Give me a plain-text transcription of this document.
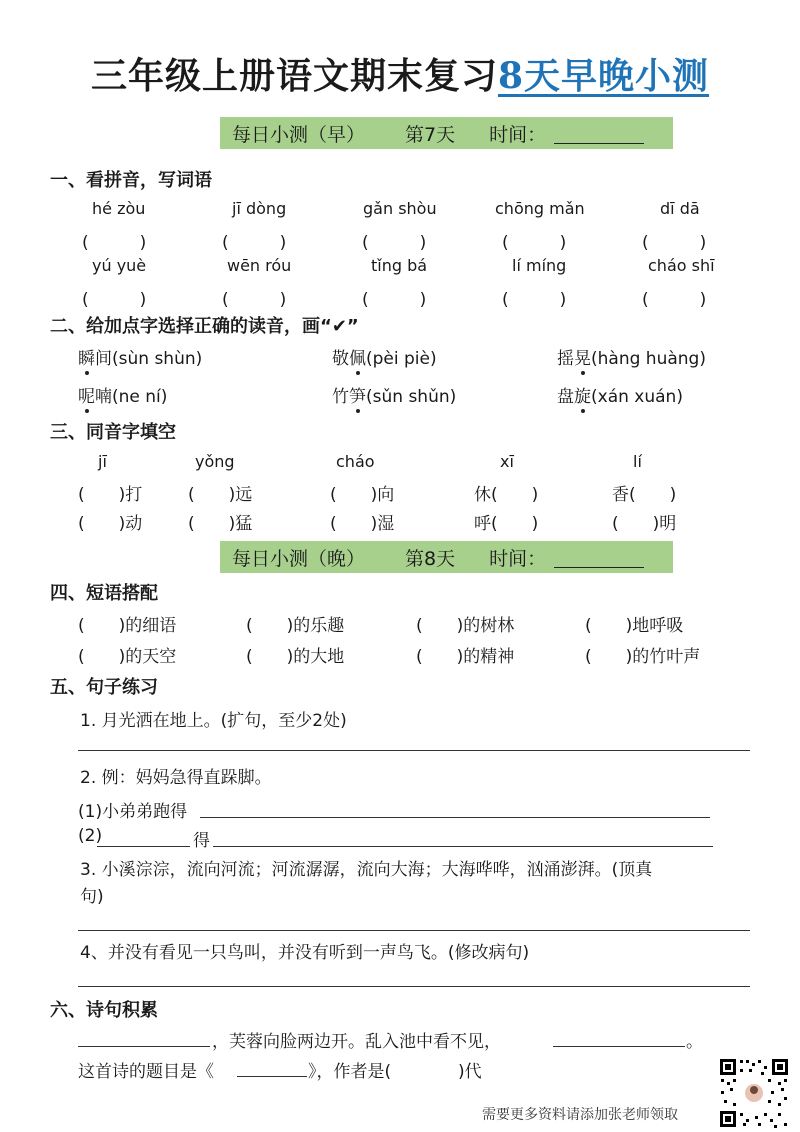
三年级上册语文期末复习8天早晚小测
每日小测（早） 第7天 时间：
一、看拼音，写词语
hé zòu	jī dòng	gǎn shòu	chōng mǎn	dī dā
(　　　)	(　　　)	(　　　)	(　　　)	(　　　)
yú yuè	wēn róu	tǐng bá	lí míng	cháo shī
(　　　)	(　　　)	(　　　)	(　　　)	(　　　)
二、给加点字选择正确的读音，画“✔”
瞬间(sùn shùn)	敬佩(pèi piè)	摇晃(hàng huàng)
呢喃(ne ní)	竹笋(sǔn shǔn)	盘旋(xán xuán)
三、同音字填空
jī	yǒng	cháo	xī	lí
(　　)打	(　　)远	(　　)向	休(　　)	香(　　)
(　　)动	(　　)猛	(　　)湿	呼(　　)	(　　)明
每日小测（晚） 第8天 时间：
四、短语搭配
(　　)的细语	(　　)的乐趣	(　　)的树林	(　　)地呼吸
(　　)的天空	(　　)的大地	(　　)的精神	(　　)的竹叶声
五、句子练习
1. 月光洒在地上。(扩句，至少2处)
2. 例：妈妈急得直跺脚。
(1)小弟弟跑得
(2)	得
3. 小溪淙淙，流向河流；河流潺潺，流向大海；大海哗哗，汹涌澎湃。(顶真
句)
4、并没有看见一只鸟叫，并没有听到一声鸟飞。(修改病句)
六、诗句积累
，芙蓉向脸两边开。乱入池中看不见，	。
这首诗的题目是《	》，作者是(	)代
需要更多资料请添加张老师领取
